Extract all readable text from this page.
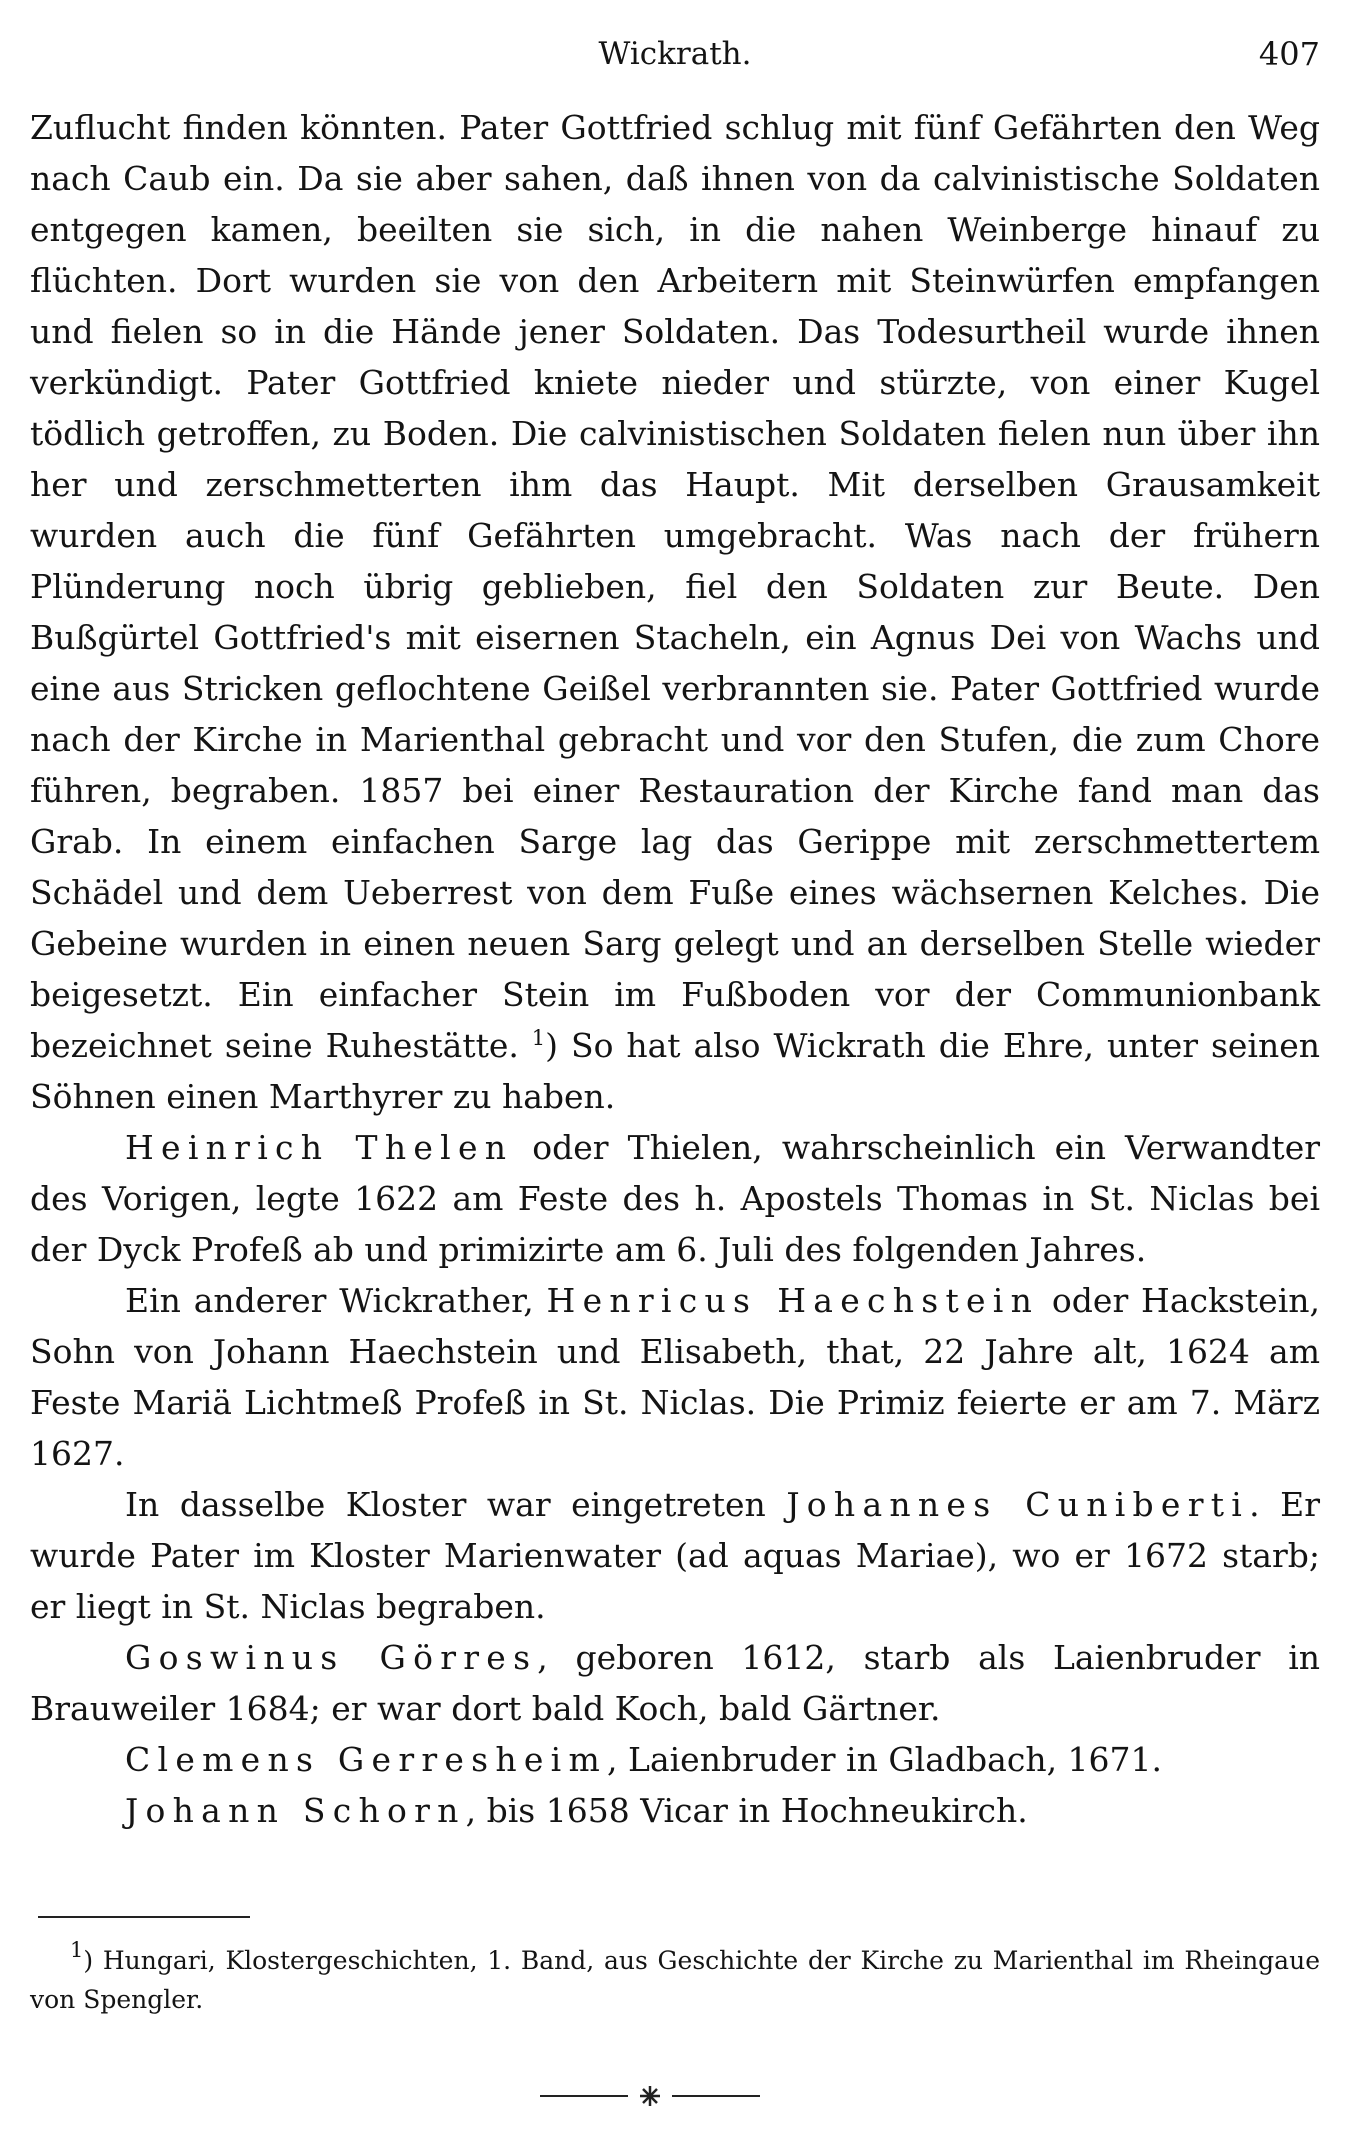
Wickrath.	407

Zuflucht finden könnten. Pater Gottfried schlug mit fünf Gefährten den Weg nach Caub ein. Da sie aber sahen, daß ihnen von da calvinistische Soldaten entgegen kamen, beeilten sie sich, in die nahen Weinberge hinauf zu flüchten. Dort wurden sie von den Arbeitern mit Steinwürfen empfangen und fielen so in die Hände jener Soldaten. Das Todesurtheil wurde ihnen verkündigt. Pater Gottfried kniete nieder und stürzte, von einer Kugel tödlich getroffen, zu Boden. Die calvinistischen Soldaten fielen nun über ihn her und zerschmetterten ihm das Haupt. Mit derselben Grausamkeit wurden auch die fünf Gefährten umgebracht. Was nach der frühern Plünderung noch übrig geblieben, fiel den Soldaten zur Beute. Den Bußgürtel Gottfried's mit eisernen Stacheln, ein Agnus Dei von Wachs und eine aus Stricken geflochtene Geißel verbrannten sie. Pater Gottfried wurde nach der Kirche in Marienthal gebracht und vor den Stufen, die zum Chore führen, begraben. 1857 bei einer Restauration der Kirche fand man das Grab. In einem einfachen Sarge lag das Gerippe mit zerschmettertem Schädel und dem Ueberrest von dem Fuße eines wächsernen Kelches. Die Gebeine wurden in einen neuen Sarg gelegt und an derselben Stelle wieder beigesetzt. Ein einfacher Stein im Fußboden vor der Communionbank bezeichnet seine Ruhestätte. $^1$) So hat also Wickrath die Ehre, unter seinen Söhnen einen Marthyrer zu haben.

Heinrich Thelen oder Thielen, wahrscheinlich ein Verwandter des Vorigen, legte 1622 am Feste des h. Apostels Thomas in St. Niclas bei der Dyck Profeß ab und primizirte am 6. Juli des folgenden Jahres.

Ein anderer Wickrather, Henricus Haechstein oder Hackstein, Sohn von Johann Haechstein und Elisabeth, that, 22 Jahre alt, 1624 am Feste Mariä Lichtmeß Profeß in St. Niclas. Die Primiz feierte er am 7. März 1627.

In dasselbe Kloster war eingetreten Johannes Cuniberti. Er wurde Pater im Kloster Marienwater (ad aquas Mariae), wo er 1672 starb; er liegt in St. Niclas begraben.

Goswinus Görres, geboren 1612, starb als Laienbruder in Brauweiler 1684; er war dort bald Koch, bald Gärtner.

Clemens Gerresheim, Laienbruder in Gladbach, 1671.

Johann Schorn, bis 1658 Vicar in Hochneukirch.

$^1$) Hungari, Klostergeschichten, 1. Band, aus Geschichte der Kirche zu Marienthal im Rheingaue von Spengler.
